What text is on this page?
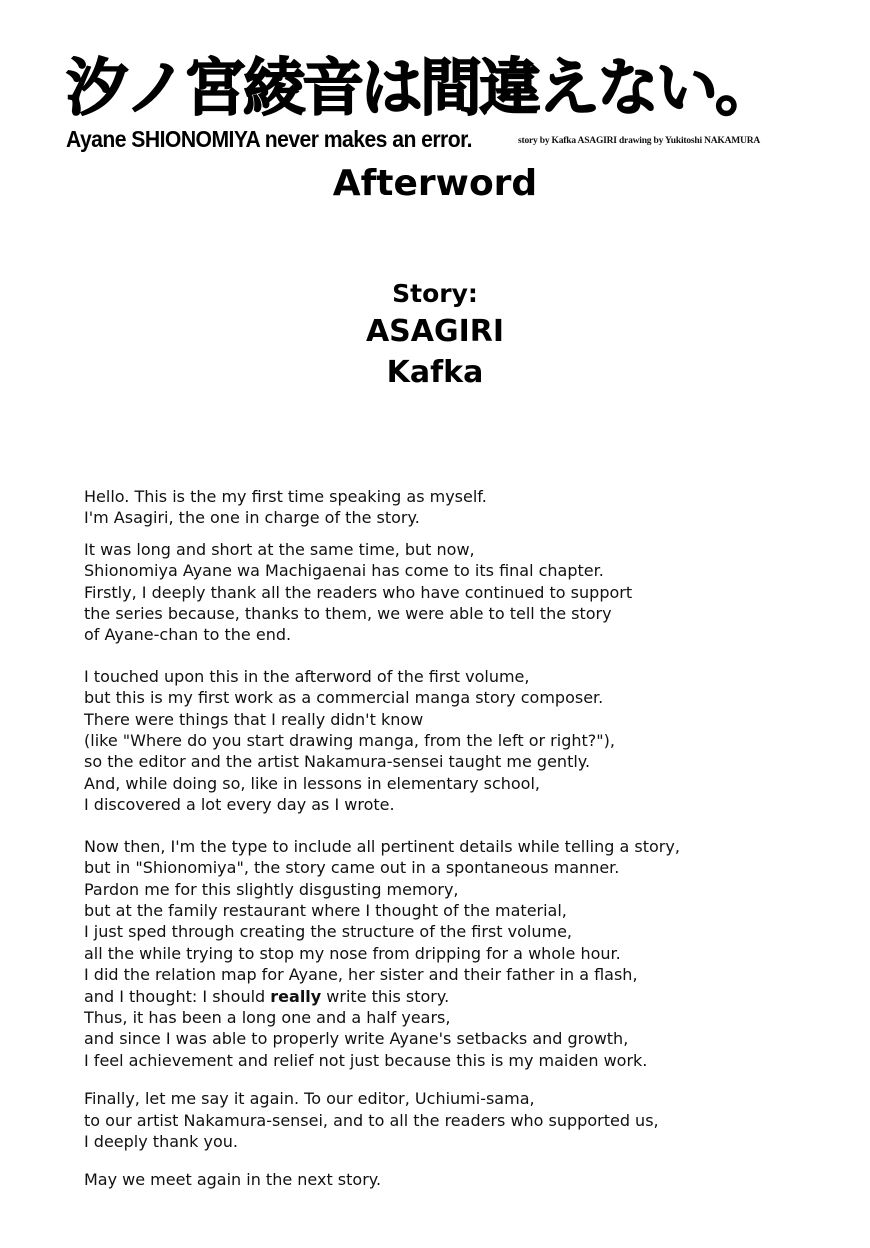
汐ノ宮綾音は間違えない。
Ayane SHIONOMIYA never makes an error.	story by Kafka ASAGIRI drawing by Yukitoshi NAKAMURA
Afterword
Story:
ASAGIRI
Kafka

Hello. This is the my first time speaking as myself.
I'm Asagiri, the one in charge of the story.

It was long and short at the same time, but now,
Shionomiya Ayane wa Machigaenai has come to its final chapter.
Firstly, I deeply thank all the readers who have continued to support
the series because, thanks to them, we were able to tell the story
of Ayane-chan to the end.

I touched upon this in the afterword of the first volume,
but this is my first work as a commercial manga story composer.
There were things that I really didn't know
(like "Where do you start drawing manga, from the left or right?"),
so the editor and the artist Nakamura-sensei taught me gently.
And, while doing so, like in lessons in elementary school,
I discovered a lot every day as I wrote.

Now then, I'm the type to include all pertinent details while telling a story,
but in "Shionomiya", the story came out in a spontaneous manner.
Pardon me for this slightly disgusting memory,
but at the family restaurant where I thought of the material,
I just sped through creating the structure of the first volume,
all the while trying to stop my nose from dripping for a whole hour.
I did the relation map for Ayane, her sister and their father in a flash,
and I thought: I should really write this story.
Thus, it has been a long one and a half years,
and since I was able to properly write Ayane's setbacks and growth,
I feel achievement and relief not just because this is my maiden work.

Finally, let me say it again. To our editor, Uchiumi-sama,
to our artist Nakamura-sensei, and to all the readers who supported us,
I deeply thank you.

May we meet again in the next story.
